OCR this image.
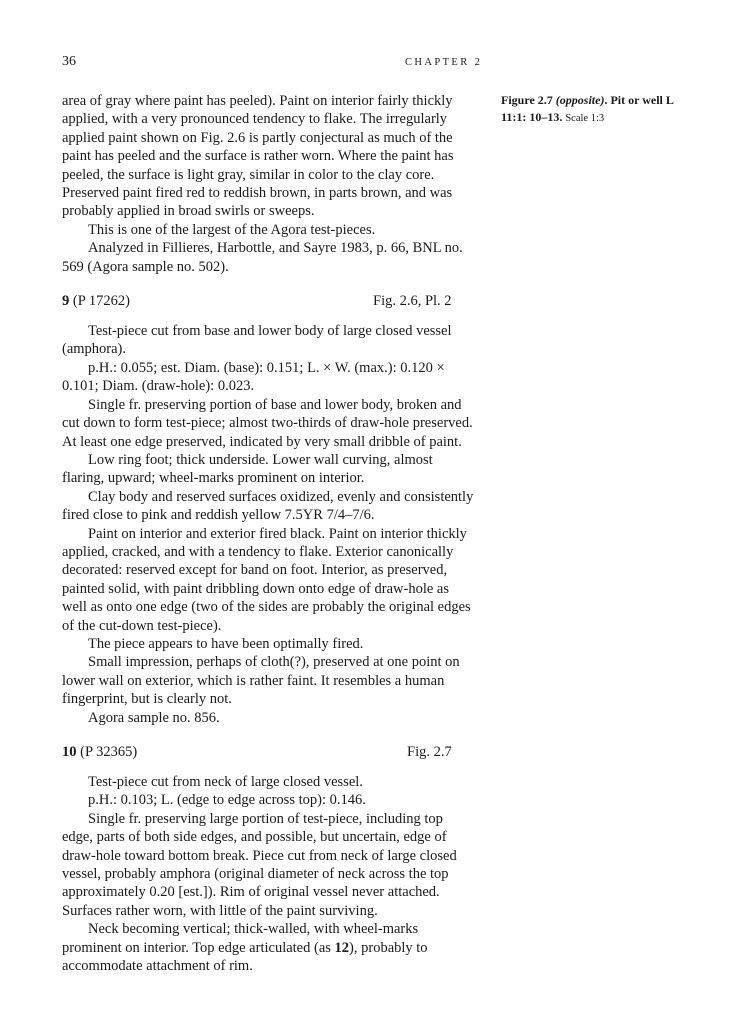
36	CHAPTER 2
Figure 2.7 (opposite). Pit or well L 11:1: 10–13. Scale 1:3

area of gray where paint has peeled). Paint on interior fairly thickly applied, with a very pronounced tendency to flake. The irregularly applied paint shown on Fig. 2.6 is partly conjectural as much of the paint has peeled and the surface is rather worn. Where the paint has peeled, the surface is light gray, similar in color to the clay core. Preserved paint fired red to reddish brown, in parts brown, and was probably applied in broad swirls or sweeps.

This is one of the largest of the Agora test-pieces.

Analyzed in Fillieres, Harbottle, and Sayre 1983, p. 66, BNL no. 569 (Agora sample no. 502).

9 (P 17262)	Fig. 2.6, Pl. 2

Test-piece cut from base and lower body of large closed vessel (amphora).

p.H.: 0.055; est. Diam. (base): 0.151; L. × W. (max.): 0.120 × 0.101; Diam. (draw-hole): 0.023.

Single fr. preserving portion of base and lower body, broken and cut down to form test-piece; almost two-thirds of draw-hole preserved. At least one edge preserved, indicated by very small dribble of paint.

Low ring foot; thick underside. Lower wall curving, almost flaring, upward; wheel-marks prominent on interior.

Clay body and reserved surfaces oxidized, evenly and consistently fired close to pink and reddish yellow 7.5YR 7/4–7/6.

Paint on interior and exterior fired black. Paint on interior thickly applied, cracked, and with a tendency to flake. Exterior canonically decorated: reserved except for band on foot. Interior, as preserved, painted solid, with paint dribbling down onto edge of draw-hole as well as onto one edge (two of the sides are probably the original edges of the cut-down test-piece).

The piece appears to have been optimally fired.

Small impression, perhaps of cloth(?), preserved at one point on lower wall on exterior, which is rather faint. It resembles a human fingerprint, but is clearly not.

Agora sample no. 856.

10 (P 32365)	Fig. 2.7

Test-piece cut from neck of large closed vessel.

p.H.: 0.103; L. (edge to edge across top): 0.146.

Single fr. preserving large portion of test-piece, including top edge, parts of both side edges, and possible, but uncertain, edge of draw-hole toward bottom break. Piece cut from neck of large closed vessel, probably amphora (original diameter of neck across the top approximately 0.20 [est.]). Rim of original vessel never attached. Surfaces rather worn, with little of the paint surviving.

Neck becoming vertical; thick-walled, with wheel-marks prominent on interior. Top edge articulated (as 12), probably to accommodate attachment of rim.
